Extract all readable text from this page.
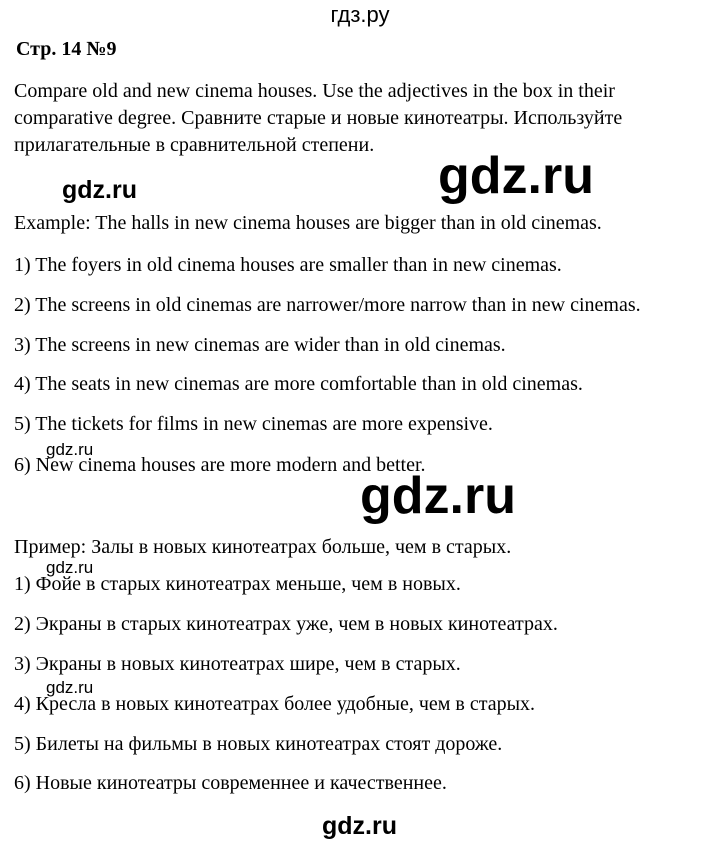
гдз.ру
Стр. 14 №9
Compare old and new cinema houses. Use the adjectives in the box in their
comparative degree. Сравните старые и новые кинотеатры. Используйте
прилагательные в сравнительной степени.
Example: The halls in new cinema houses are bigger than in old cinemas.
1) The foyers in old cinema houses are smaller than in new cinemas.
2) The screens in old cinemas are narrower/more narrow than in new cinemas.
3) The screens in new cinemas are wider than in old cinemas.
4) The seats in new cinemas are more comfortable than in old cinemas.
5) The tickets for films in new cinemas are more expensive.
6) New cinema houses are more modern and better.
Пример: Залы в новых кинотеатрах больше, чем в старых.
1) Фойе в старых кинотеатрах меньше, чем в новых.
2) Экраны в старых кинотеатрах уже, чем в новых кинотеатрах.
3) Экраны в новых кинотеатрах шире, чем в старых.
4) Кресла в новых кинотеатрах более удобные, чем в старых.
5) Билеты на фильмы в новых кинотеатрах стоят дороже.
6) Новые кинотеатры современнее и качественнее.
gdz.ru	gdz.ru
gdz.ru
gdz.ru
gdz.ru
gdz.ru
gdz.ru
